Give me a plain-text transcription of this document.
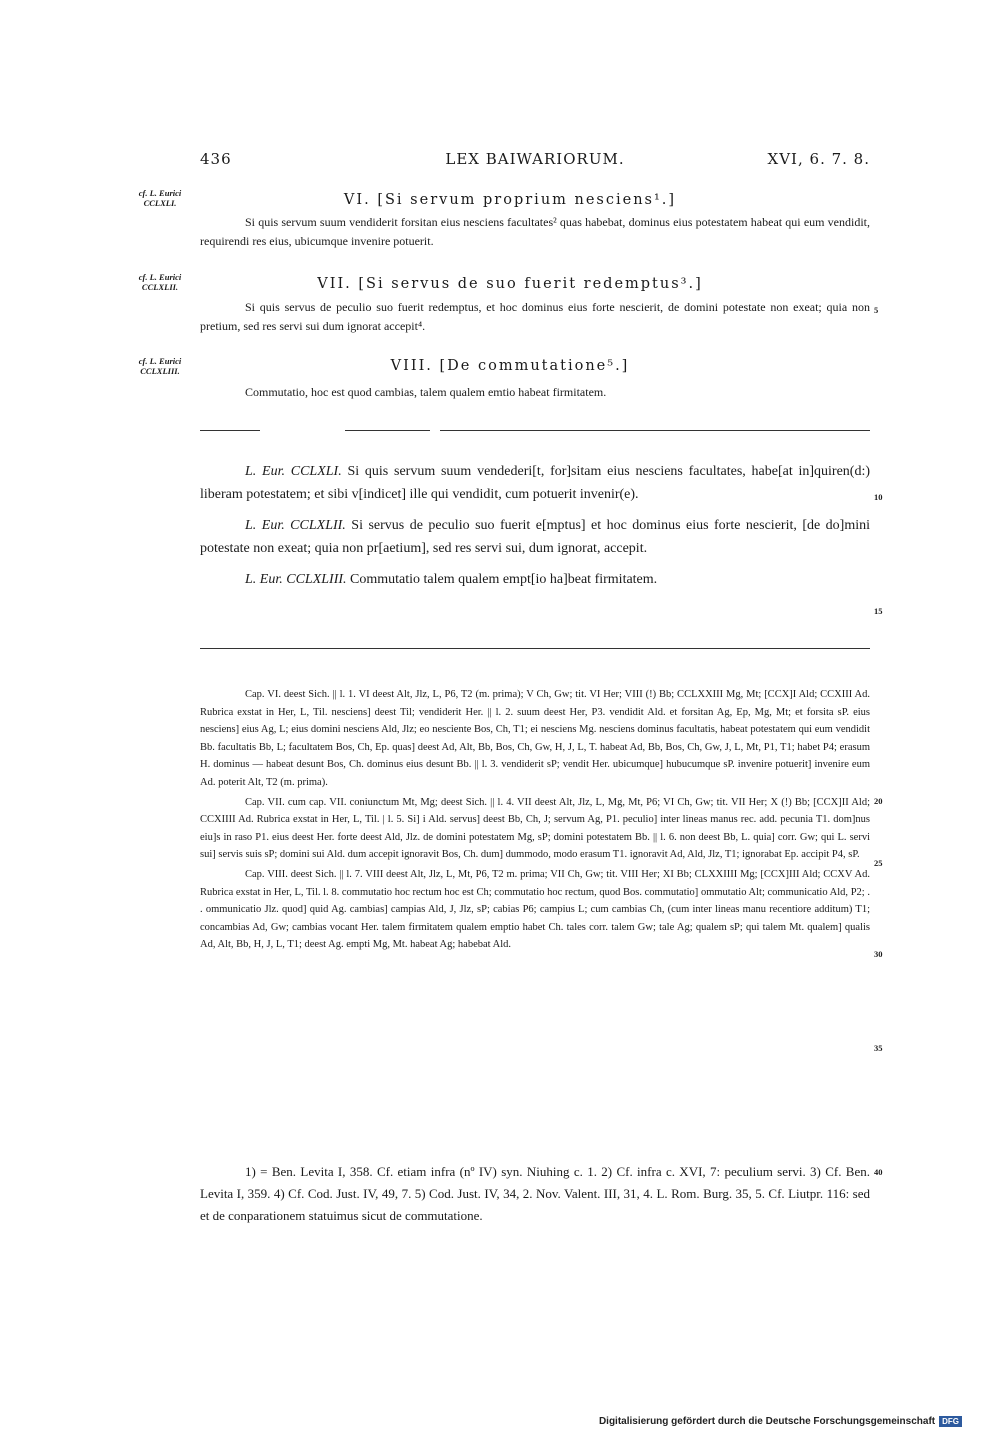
436	LEX BAIWARIORUM.	XVI, 6. 7. 8.
cf. L. Eurici CCLXLI.	VI. [Si servum proprium nesciens¹.]
Si quis servum suum vendiderit forsitan eius nesciens facultates² quas habebat, dominus eius potestatem habeat qui eum vendidit, requirendi res eius, ubicumque invenire potuerit.
cf. L. Eurici CCLXLII.	VII. [Si servus de suo fuerit redemptus³.]
Si quis servus de peculio suo fuerit redemptus, et hoc dominus eius forte nescierit, de domini potestate non exeat; quia non pretium, sed res servi sui dum ignorat accepit⁴.
cf. L. Eurici CCLXLIII.	VIII. [De commutatione⁵.]
Commutatio, hoc est quod cambias, talem qualem emtio habeat firmitatem.
5
10
15
20
25
30
35
40

L. Eur. CCLXLI. Si quis servum suum vendederi[t, for]sitam eius nesciens facultates, habe[at in]quiren(d:) liberam potestatem; et sibi v[indicet] ille qui vendidit, cum potuerit invenir(e).

L. Eur. CCLXLII. Si servus de peculio suo fuerit e[mptus] et hoc dominus eius forte nescierit, [de do]mini potestate non exeat; quia non pr[aetium], sed res servi sui, dum ignorat, accepit.

L. Eur. CCLXLIII. Commutatio talem qualem empt[io ha]beat firmitatem.

Cap. VI. deest Sich. || l. 1. VI deest Alt, Jlz, L, P6, T2 (m. prima); V Ch, Gw; tit. VI Her; VIII (!) Bb; CCLXXIII Mg, Mt; [CCX]I Ald; CCXIII Ad. Rubrica exstat in Her, L, Til. nesciens] deest Til; vendiderit Her. || l. 2. suum deest Her, P3. vendidit Ald. et forsitan Ag, Ep, Mg, Mt; et forsita sP. eius nesciens] eius Ag, L; eius domini nesciens Ald, Jlz; eo nesciente Bos, Ch, T1; ei nesciens Mg. nesciens dominus facultatis, habeat potestatem qui eum vendidit Bb. facultatis Bb, L; facultatem Bos, Ch, Ep. quas] deest Ad, Alt, Bb, Bos, Ch, Gw, H, J, L, T. habeat Ad, Bb, Bos, Ch, Gw, J, L, Mt, P1, T1; habet P4; erasum H. dominus — habeat desunt Bos, Ch. dominus eius desunt Bb. || l. 3. vendiderit sP; vendit Her. ubicumque] hubucumque sP. invenire potuerit] invenire eum Ad. poterit Alt, T2 (m. prima).

Cap. VII. cum cap. VII. coniunctum Mt, Mg; deest Sich. || l. 4. VII deest Alt, Jlz, L, Mg, Mt, P6; VI Ch, Gw; tit. VII Her; X (!) Bb; [CCX]II Ald; CCXIIII Ad. Rubrica exstat in Her, L, Til. | l. 5. Si] i Ald. servus] deest Bb, Ch, J; servum Ag, P1. peculio] inter lineas manus rec. add. pecunia T1. dom]nus eiu]s in raso P1. eius deest Her. forte deest Ald, Jlz. de domini potestatem Mg, sP; domini potestatem Bb. || l. 6. non deest Bb, L. quia] corr. Gw; qui L. servi sui] servis suis sP; domini sui Ald. dum accepit ignoravit Bos, Ch. dum] dummodo, modo erasum T1. ignoravit Ad, Ald, Jlz, T1; ignorabat Ep. accipit P4, sP.

Cap. VIII. deest Sich. || l. 7. VIII deest Alt, Jlz, L, Mt, P6, T2 m. prima; VII Ch, Gw; tit. VIII Her; XI Bb; CLXXIIII Mg; [CCX]III Ald; CCXV Ad. Rubrica exstat in Her, L, Til. l. 8. commutatio hoc rectum hoc est Ch; commutatio hoc rectum, quod Bos. commutatio] ommutatio Alt; communicatio Ald, P2; . . ommunicatio Jlz. quod] quid Ag. cambias] campias Ald, J, Jlz, sP; cabias P6; campius L; cum cambias Ch, (cum inter lineas manu recentiore additum) T1; concambias Ad, Gw; cambias vocant Her. talem firmitatem qualem emptio habet Ch. tales corr. talem Gw; tale Ag; qualem sP; qui talem Mt. qualem] qualis Ad, Alt, Bb, H, J, L, T1; deest Ag. empti Mg, Mt. habeat Ag; habebat Ald.

1) = Ben. Levita I, 358. Cf. etiam infra (nº IV) syn. Niuhing c. 1. 2) Cf. infra c. XVI, 7: peculium servi. 3) Cf. Ben. Levita I, 359. 4) Cf. Cod. Just. IV, 49, 7. 5) Cod. Just. IV, 34, 2. Nov. Valent. III, 31, 4. L. Rom. Burg. 35, 5. Cf. Liutpr. 116: sed et de conparationem statuimus sicut de commutatione.

Digitalisierung gefördert durch die Deutsche Forschungsgemeinschaft DFG
